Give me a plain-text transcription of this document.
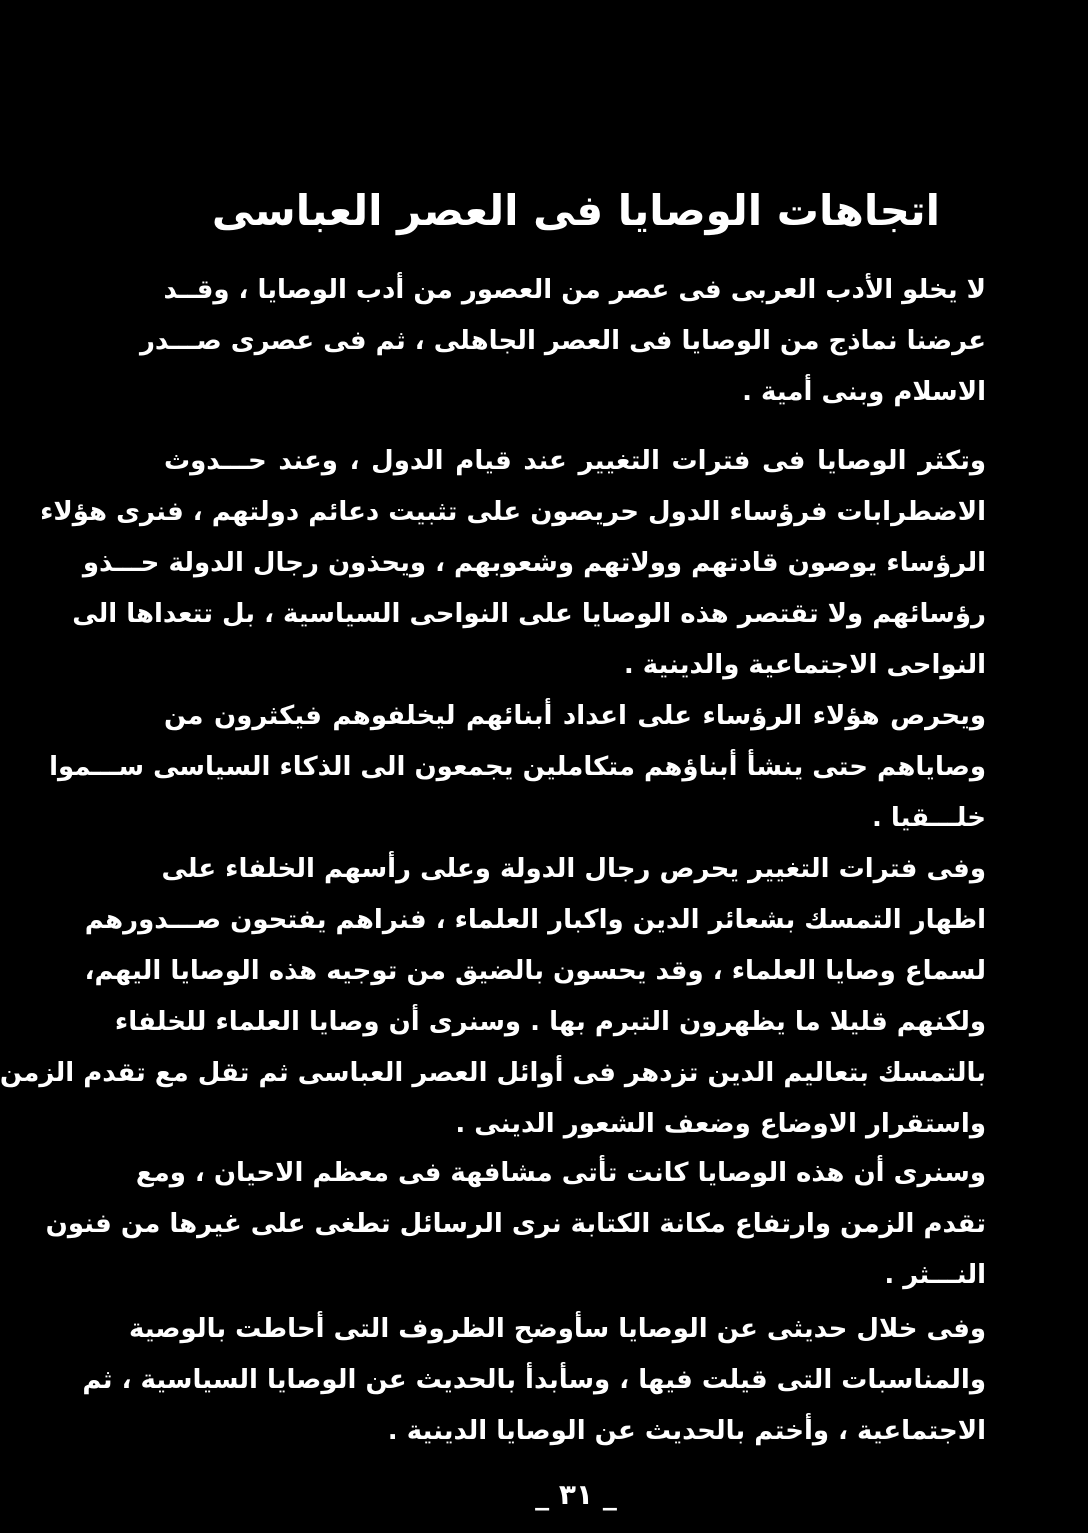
اتجاهات الوصايا فى العصر العباسى
لا يخلو الأدب العربى فى عصر من العصور من أدب الوصايا ، وقــد
عرضنا نماذج من الوصايا فى العصر الجاهلى ، ثم فى عصرى صـــدر
الاسلام وبنى أمية .
وتكثر الوصايا فى فترات التغيير عند قيام الدول ، وعند حـــدوث
الاضطرابات فرؤساء الدول حريصون على تثبيت دعائم دولتهم ، فنرى هؤلاء
الرؤساء يوصون قادتهم وولاتهم وشعوبهم ، ويحذون رجال الدولة حـــذو
رؤسائهم ولا تقتصر هذه الوصايا على النواحى السياسية ، بل تتعداها الى
النواحى الاجتماعية والدينية .
ويحرص هؤلاء الرؤساء على اعداد أبنائهم ليخلفوهم فيكثرون من
وصاياهم حتى ينشأ أبناؤهم متكاملين يجمعون الى الذكاء السياسى ســـموا
خلـــقيا .
وفى فترات التغيير يحرص رجال الدولة وعلى رأسهم الخلفاء على
اظهار التمسك بشعائر الدين واكبار العلماء ، فنراهم يفتحون صـــدورهم
لسماع وصايا العلماء ، وقد يحسون بالضيق من توجيه هذه الوصايا اليهم،
ولكنهم قليلا ما يظهرون التبرم بها . وسنرى أن وصايا العلماء للخلفاء
بالتمسك بتعاليم الدين تزدهر فى أوائل العصر العباسى ثم تقل مع تقدم الزمن
واستقرار الاوضاع وضعف الشعور الدينى .
وسنرى أن هذه الوصايا كانت تأتى مشافهة فى معظم الاحيان ، ومع
تقدم الزمن وارتفاع مكانة الكتابة نرى الرسائل تطغى على غيرها من فنون
النـــثر .
وفى خلال حديثى عن الوصايا سأوضح الظروف التى أحاطت بالوصية
والمناسبات التى قيلت فيها ، وسأبدأ بالحديث عن الوصايا السياسية ، ثم
الاجتماعية ، وأختم بالحديث عن الوصايا الدينية .
_ ٣١ _
